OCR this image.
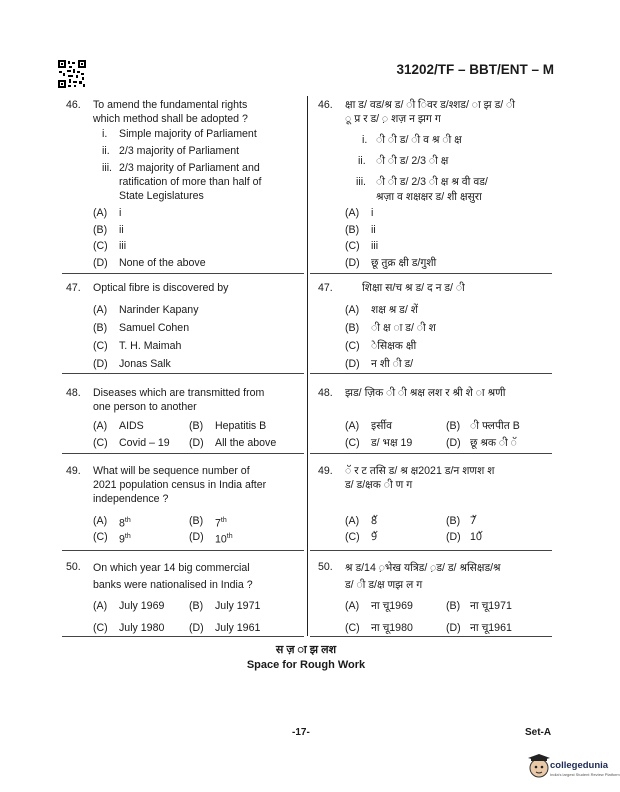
31202/TF – BBT/ENT – M
46. To amend the fundamental rights
which method shall be adopted ?
i. Simple majority of Parliament
ii. 2/3 majority of Parliament
iii. 2/3 majority of Parliament and
ratification of more than half of
State Legislatures
(A) i
(B) ii
(C) iii
(D) None of the above
47. Optical fibre is discovered by
(A) Narinder Kapany
(B) Samuel Cohen
(C) T. H. Maimah
(D) Jonas Salk
48. Diseases which are transmitted from
one person to another
(A) AIDS	(B) Hepatitis B
(C) Covid – 19 (D) All the above
49. What will be sequence number of
2021 population census in India after
independence ?
(A) 8th	(B) 7th
(C) 9th	(D) 10th
50. On which year 14 big commercial
banks were nationalised in India ?
(A) July 1969 (B) July 1971
(C) July 1980 (D) July 1961
46. क्षा ड/ वड/श्र ड/ ी िवर ड/श्शड/ ा झ ड/ ी
ू प्र र ड/ ़ शज़ न झग ग
i. ी ी ड/ ी व श्र ी क्ष
ii. ी ी ड/ 2/3 ी क्ष
iii. ी ी ड/ 2/3 ी क्ष श्र वी वड/
श्रज़ा व शक्षक्षर ड/ शी क्षसुरा
(A) i
(B) ii
(C) iii
(D) छू तुक्र क्षी ड/गुशी
47.	शिक्षा स/च श्र ड/ द न ड/ ी
(A) शक्ष श्र ड/ शें
(B) ी क्ष ा ड/ ी श
(C) ेसिक्षक क्षी
(D) न शी ी ड/
48. झड/ ज़िक ी ी श्रक्ष लश र श्री शे ा श्रणी
(A) इर्सीव	(B) ी फ्लपीत B
(C) ड/ भक्ष 19	(D) छू श्रक ी ॅ
49. ॅ र ट तसि ड/ श्र क्ष2021 ड/न शणश श
ड/ ड/क्षक ी ण ग
(A) 8ॅ	(B) 7ॅ
(C) 9ॅ	(D) 10ॅ
50. श्र ड/14 ़भेख यत्रिड/ ़ड/ ड/ श्रसिक्षड/श्र
ड/ ी ड/क्ष णझ ल ग
(A) ना चू1969	(B) ना चू1971
(C) ना चू1980	(D) ना चू1961
स ज़ ा झ लश
Space for Rough Work
-17-	Set-A
collegedunia
India's largest Student Review Platform
